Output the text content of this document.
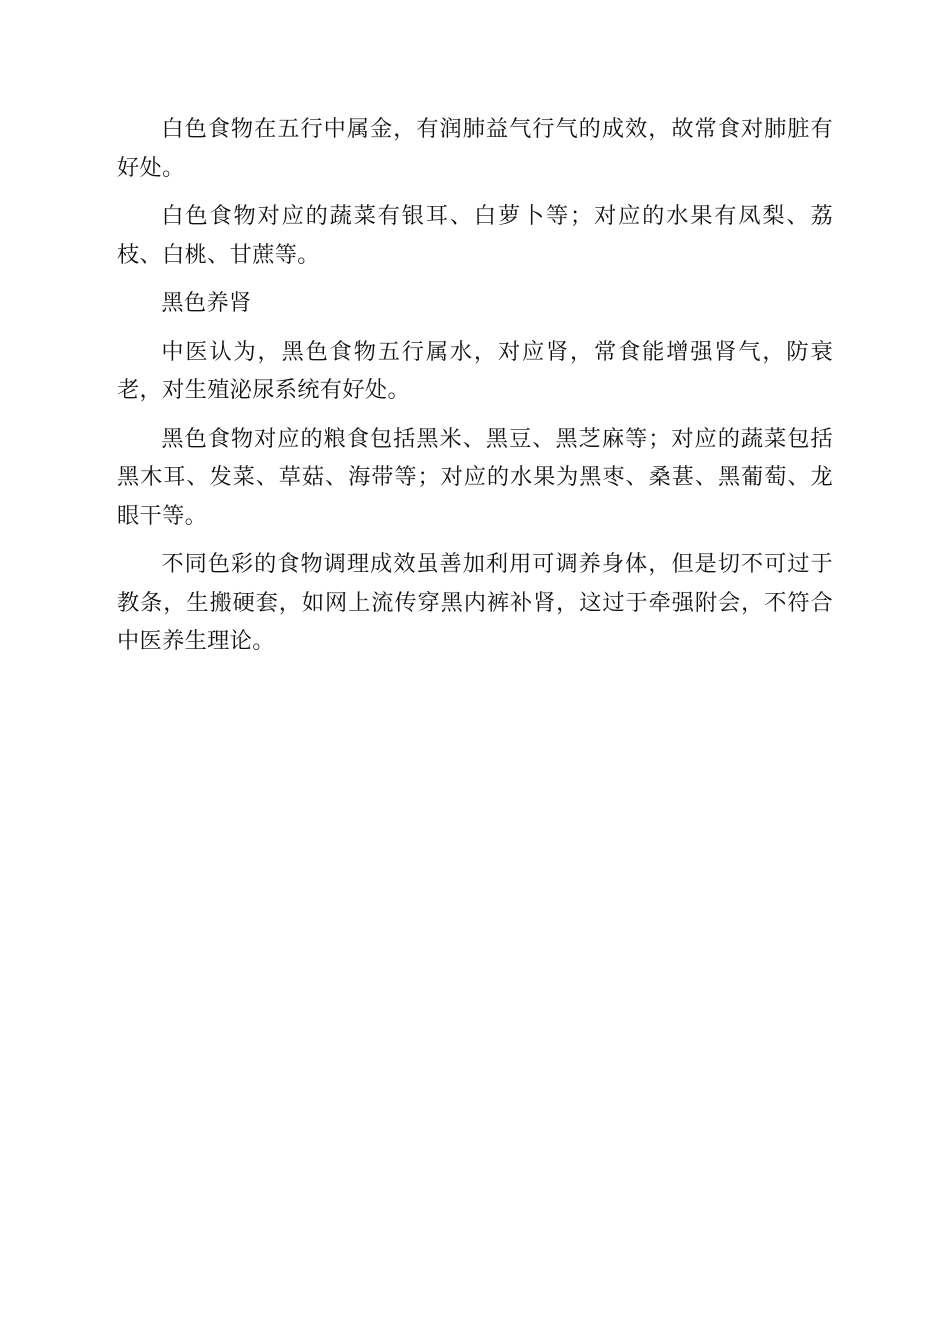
白色食物在五行中属金，有润肺益气行气的成效，故常食对肺脏有好处。

白色食物对应的蔬菜有银耳、白萝卜等；对应的水果有凤梨、荔枝、白桃、甘蔗等。

黑色养肾

中医认为，黑色食物五行属水，对应肾，常食能增强肾气，防衰老，对生殖泌尿系统有好处。

黑色食物对应的粮食包括黑米、黑豆、黑芝麻等；对应的蔬菜包括黑木耳、发菜、草菇、海带等；对应的水果为黑枣、桑葚、黑葡萄、龙眼干等。

不同色彩的食物调理成效虽善加利用可调养身体，但是切不可过于教条，生搬硬套，如网上流传穿黑内裤补肾，这过于牵强附会，不符合中医养生理论。
